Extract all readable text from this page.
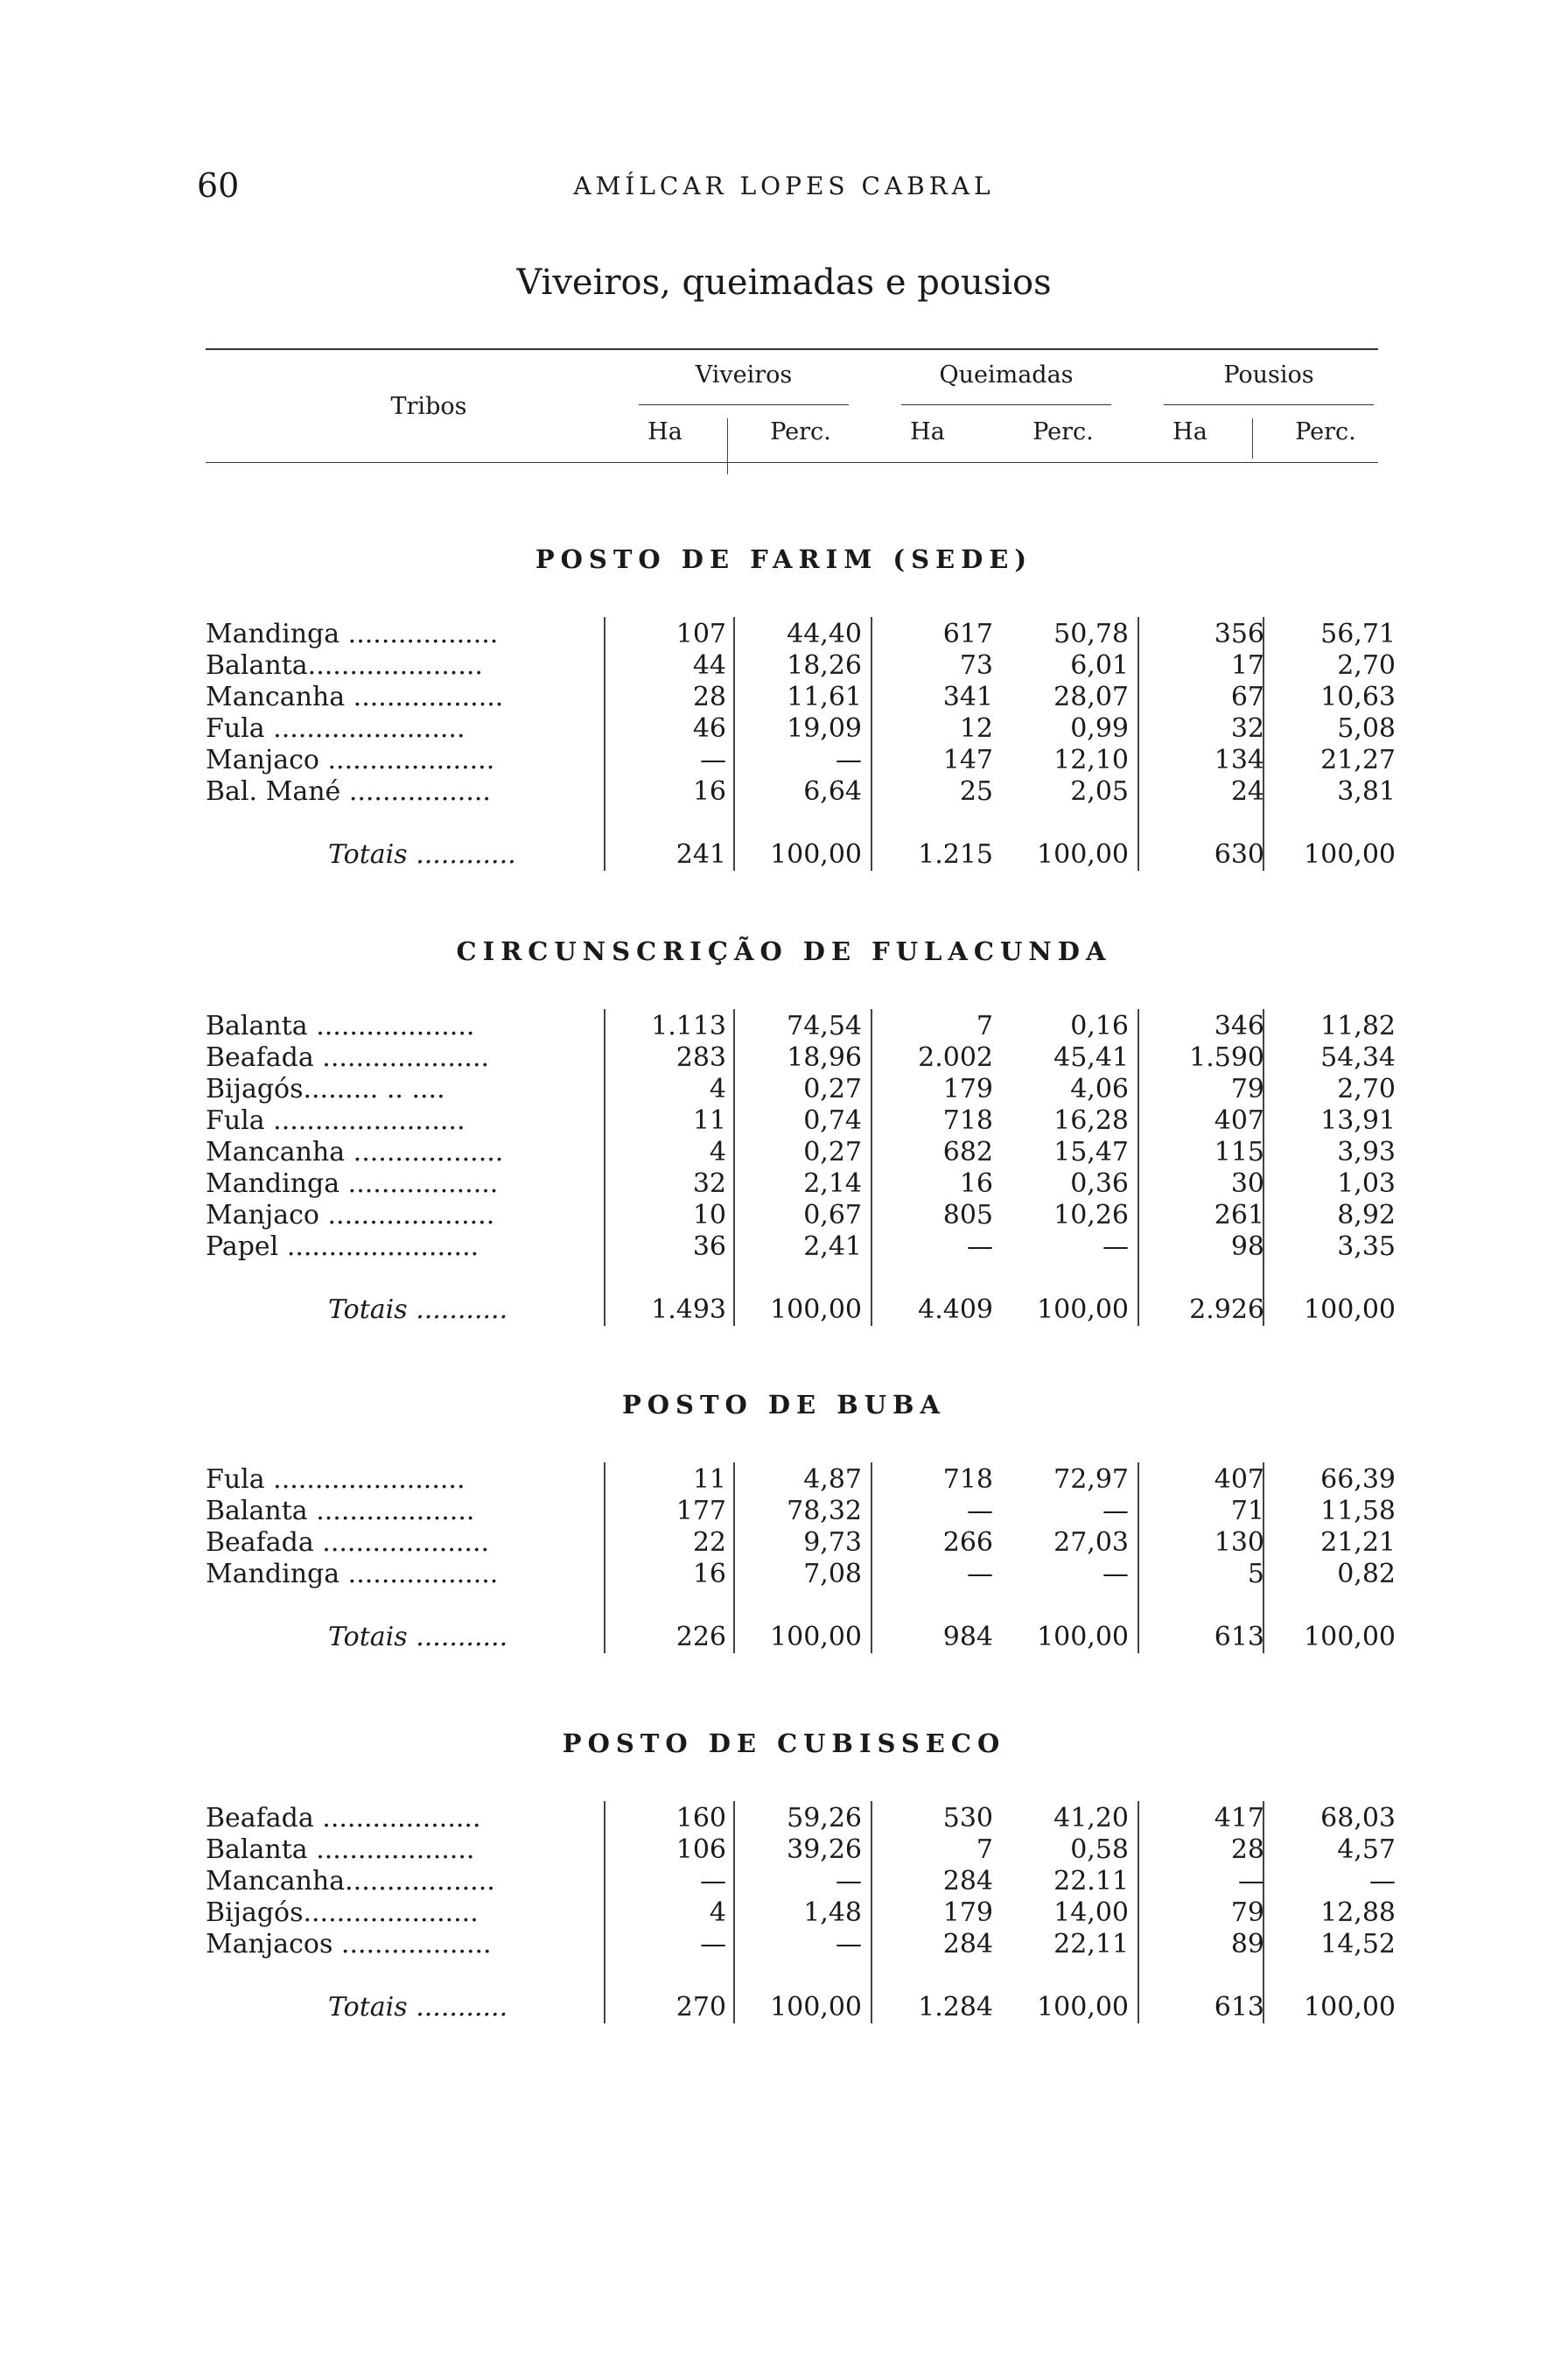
60	AMÍLCAR LOPES CABRAL
Viveiros, queimadas e pousios
Tribos
Viveiros	Queimadas	Pousios
Ha	Perc.	Ha	Perc.	Ha	Perc.
POSTO DE FARIM (SEDE)
Mandinga ..................	107	44,40	617	50,78	356	56,71
Balanta.....................	44	18,26	73	6,01	17	2,70
Mancanha ..................	28	11,61	341	28,07	67	10,63
Fula .......................	46	19,09	12	0,99	32	5,08
Manjaco ....................	—	—	147	12,10	134	21,27
Bal. Mané .................	16	6,64	25	2,05	24	3,81
Totais ............	241	100,00	1.215	100,00	630	100,00
CIRCUNSCRIÇÃO DE FULACUNDA
Balanta ...................	1.113	74,54	7	0,16	346	11,82
Beafada ....................	283	18,96	2.002	45,41	1.590	54,34
Bijagós......... .. ....	4	0,27	179	4,06	79	2,70
Fula .......................	11	0,74	718	16,28	407	13,91
Mancanha ..................	4	0,27	682	15,47	115	3,93
Mandinga ..................	32	2,14	16	0,36	30	1,03
Manjaco ....................	10	0,67	805	10,26	261	8,92
Papel .......................	36	2,41	—	—	98	3,35
Totais ...........	1.493	100,00	4.409	100,00	2.926	100,00
POSTO DE BUBA
Fula .......................	11	4,87	718	72,97	407	66,39
Balanta ...................	177	78,32	—	—	71	11,58
Beafada ....................	22	9,73	266	27,03	130	21,21
Mandinga ..................	16	7,08	—	—	5	0,82
Totais ...........	226	100,00	984	100,00	613	100,00
POSTO DE CUBISSECO
Beafada ...................	160	59,26	530	41,20	417	68,03
Balanta ...................	106	39,26	7	0,58	28	4,57
Mancanha..................	—	—	284	22.11	—	—
Bijagós.....................	4	1,48	179	14,00	79	12,88
Manjacos ..................	—	—	284	22,11	89	14,52
Totais ...........	270	100,00	1.284	100,00	613	100,00
